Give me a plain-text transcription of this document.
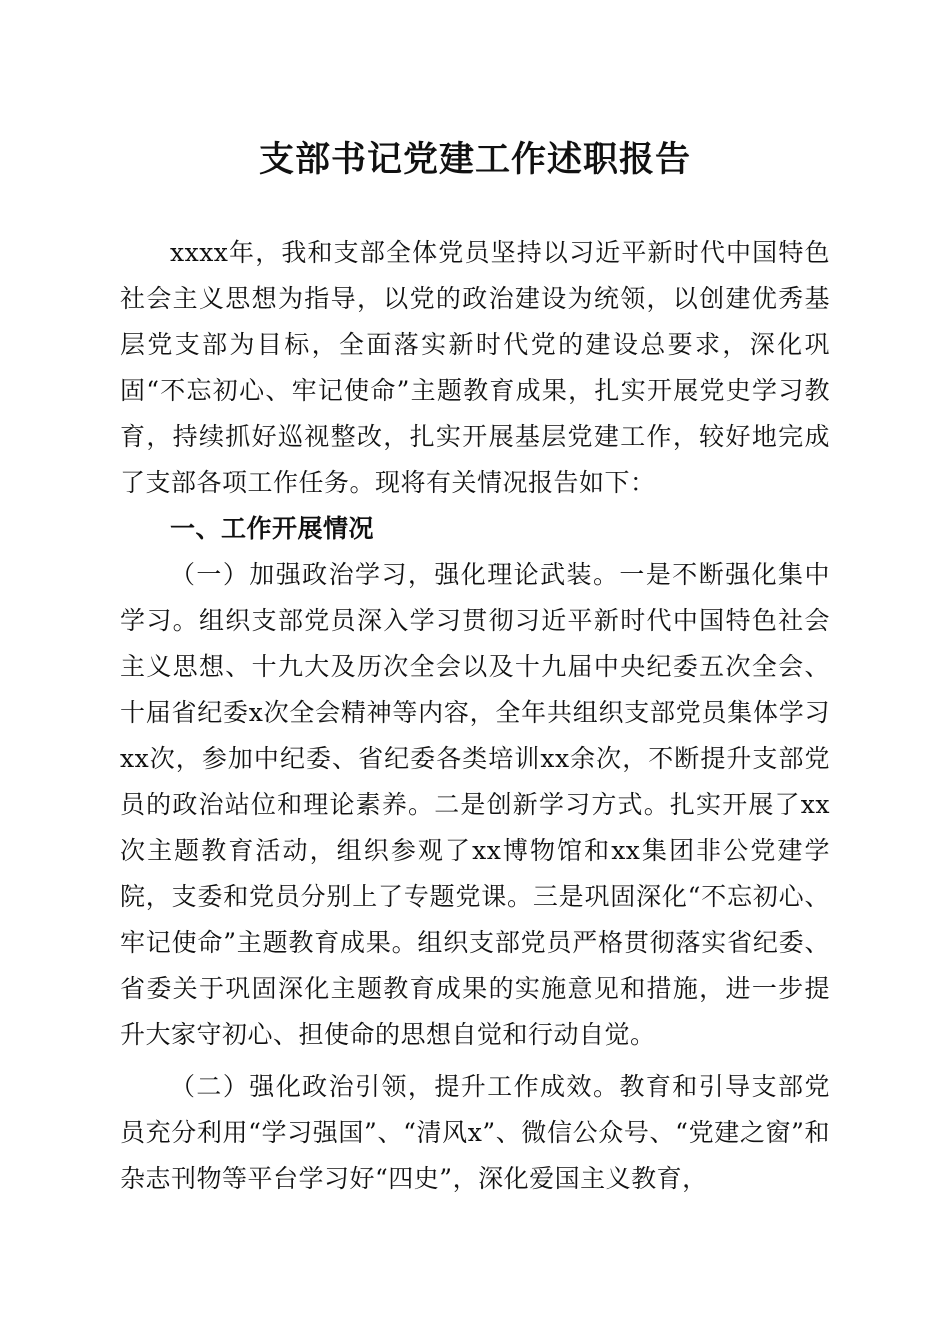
支部书记党建工作述职报告

xxxx年，我和支部全体党员坚持以习近平新时代中国特色社会主义思想为指导，以党的政治建设为统领，以创建优秀基层党支部为目标，全面落实新时代党的建设总要求，深化巩固“不忘初心、牢记使命”主题教育成果，扎实开展党史学习教育，持续抓好巡视整改，扎实开展基层党建工作，较好地完成了支部各项工作任务。现将有关情况报告如下：

一、工作开展情况

（一）加强政治学习，强化理论武装。一是不断强化集中学习。组织支部党员深入学习贯彻习近平新时代中国特色社会主义思想、十九大及历次全会以及十九届中央纪委五次全会、十届省纪委x次全会精神等内容，全年共组织支部党员集体学习xx次，参加中纪委、省纪委各类培训xx余次，不断提升支部党员的政治站位和理论素养。二是创新学习方式。扎实开展了xx次主题教育活动，组织参观了xx博物馆和xx集团非公党建学院，支委和党员分别上了专题党课。三是巩固深化“不忘初心、牢记使命”主题教育成果。组织支部党员严格贯彻落实省纪委、省委关于巩固深化主题教育成果的实施意见和措施，进一步提升大家守初心、担使命的思想自觉和行动自觉。

（二）强化政治引领，提升工作成效。教育和引导支部党员充分利用“学习强国”、“清风x”、微信公众号、“党建之窗”和杂志刊物等平台学习好“四史”，深化爱国主义教育，
